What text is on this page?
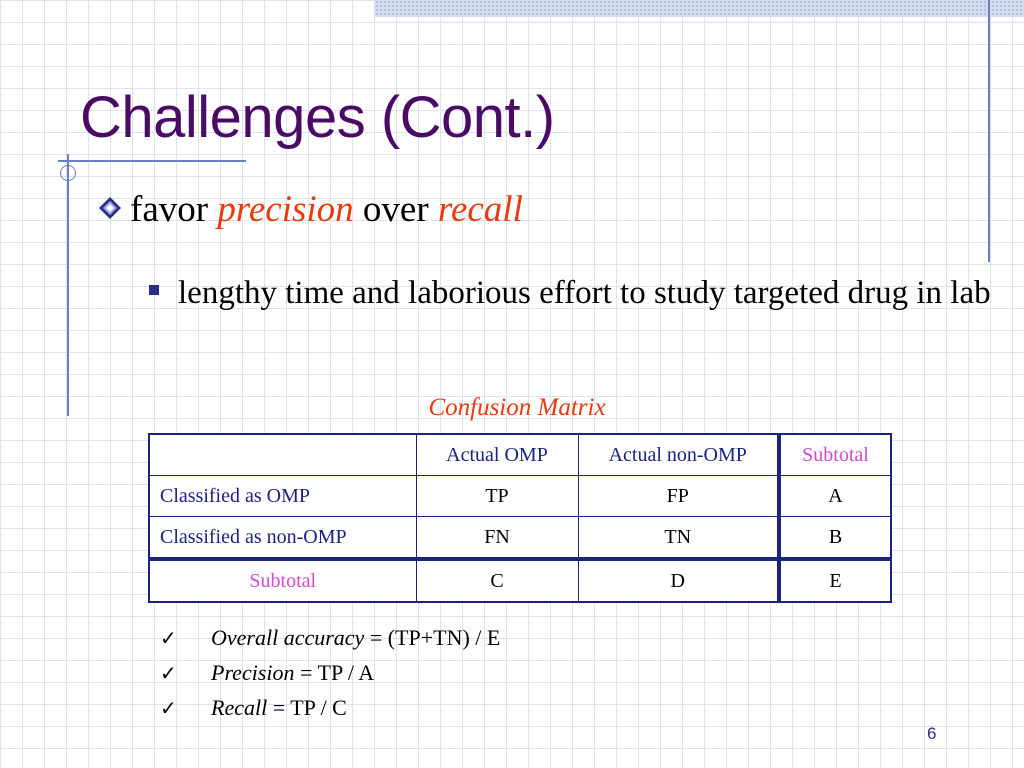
Challenges (Cont.)
favor precision over recall
lengthy time and laborious effort to study targeted drug in lab
Confusion Matrix
	Actual OMP	Actual non-OMP	Subtotal
Classified as OMP	TP	FP	A
Classified as non-OMP	FN	TN	B
Subtotal	C	D	E
✓ Overall accuracy = (TP+TN) / E
✓ Precision = TP / A
✓ Recall = TP / C
6
